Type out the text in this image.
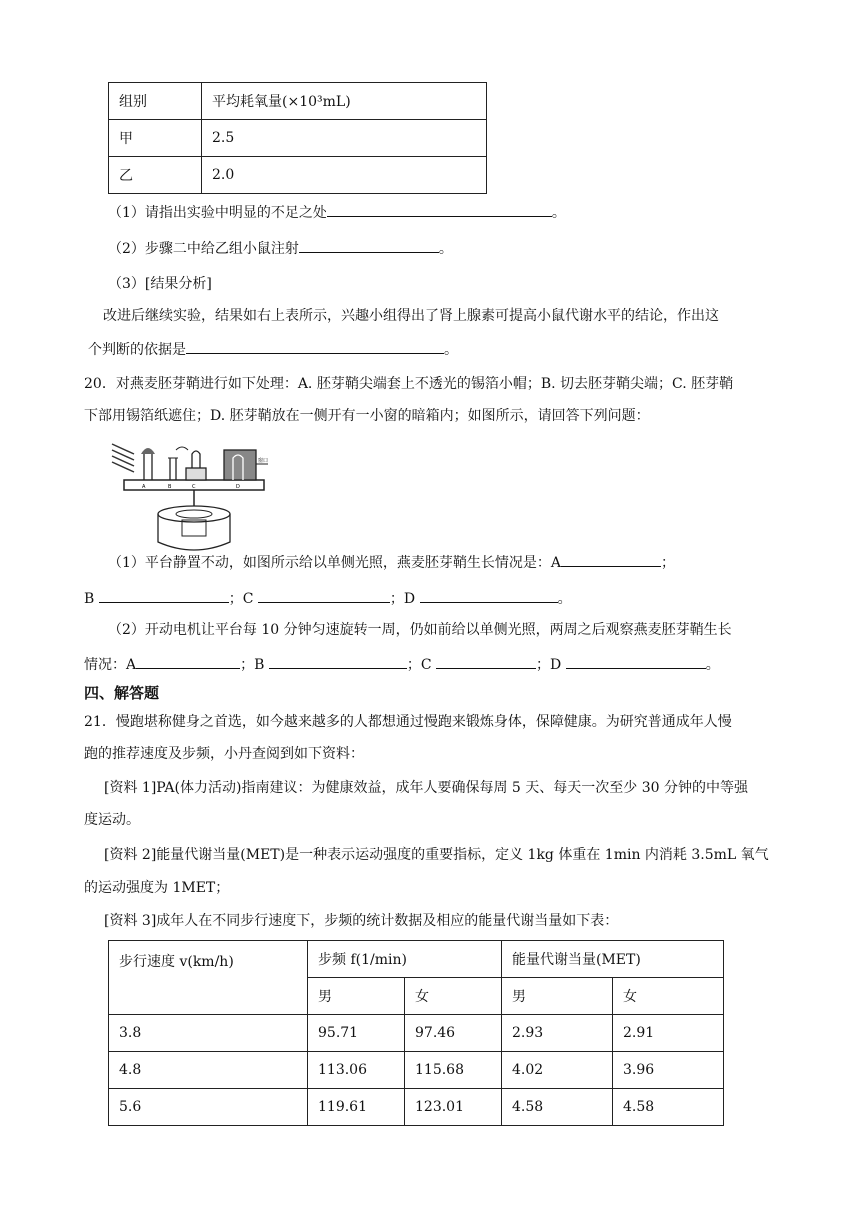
组别	平均耗氧量(×10³mL)
甲	2.5
乙	2.0
（1）请指出实验中明显的不足之处	。
（2）步骤二中给乙组小鼠注射	。
（3）[结果分析]
改进后继续实验，结果如右上表所示，兴趣小组得出了肾上腺素可提高小鼠代谢水平的结论，作出这
个判断的依据是	。
20．对燕麦胚芽鞘进行如下处理：A. 胚芽鞘尖端套上不透光的锡箔小帽；B. 切去胚芽鞘尖端；C. 胚芽鞘
下部用锡箔纸遮住；D. 胚芽鞘放在一侧开有一小窗的暗箱内；如图所示，请回答下列问题：
A	B	C	D
窗口
（1）平台静置不动，如图所示给以单侧光照，燕麦胚芽鞘生长情况是：A	；
B	；C	；D	。
（2）开动电机让平台每 10 分钟匀速旋转一周，仍如前给以单侧光照，两周之后观察燕麦胚芽鞘生长
情况：A	；B	；C	；D	。
四、解答题
21．慢跑堪称健身之首选，如今越来越多的人都想通过慢跑来锻炼身体，保障健康。为研究普通成年人慢
跑的推荐速度及步频，小丹查阅到如下资料：
[资料 1]PA(体力活动)指南建议：为健康效益，成年人要确保每周 5 天、每天一次至少 30 分钟的中等强
度运动。
[资料 2]能量代谢当量(MET)是一种表示运动强度的重要指标，定义 1kg 体重在 1min 内消耗 3.5mL 氧气
的运动强度为 1MET；
[资料 3]成年人在不同步行速度下，步频的统计数据及相应的能量代谢当量如下表：
步行速度 v(km/h)	步频 f(1/min)		能量代谢当量(MET)	
	男	女	男	女
3.8	95.71	97.46	2.93	2.91
4.8	113.06	115.68	4.02	3.96
5.6	119.61	123.01	4.58	4.58
